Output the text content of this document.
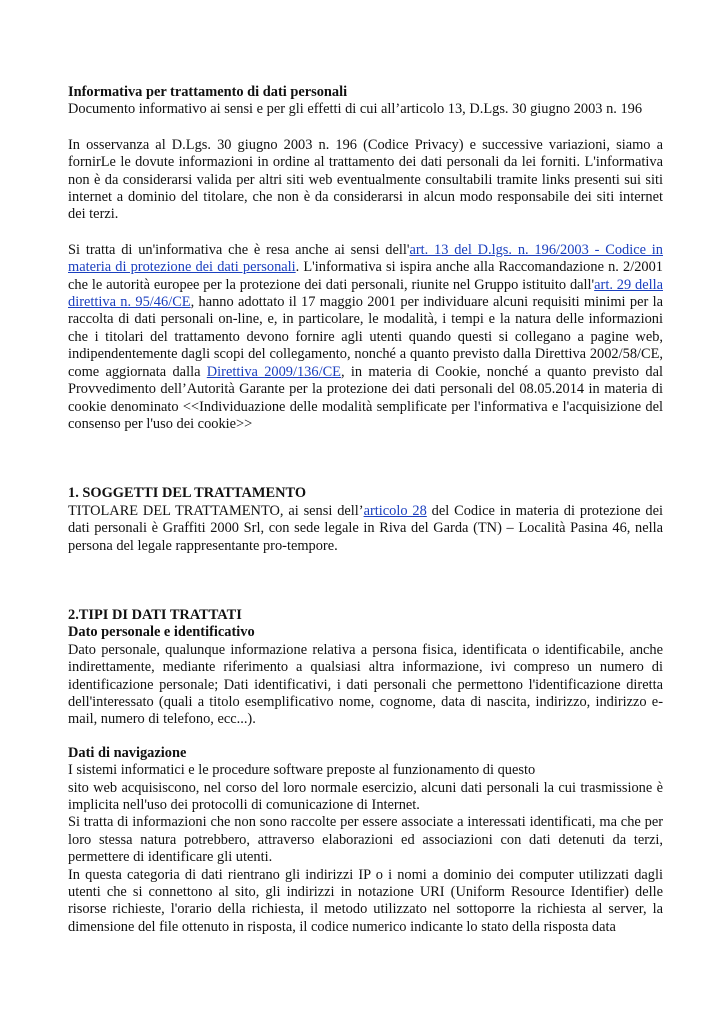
Informativa per trattamento di dati personali

Documento informativo ai sensi e per gli effetti di cui all’articolo 13, D.Lgs. 30 giugno 2003 n. 196

In osservanza al D.Lgs. 30 giugno 2003 n. 196 (Codice Privacy) e successive variazioni, siamo a fornirLe le dovute informazioni in ordine al trattamento dei dati personali da lei forniti. L'informativa non è da considerarsi valida per altri siti web eventualmente consultabili tramite links presenti sui siti internet a dominio del titolare, che non è da considerarsi in alcun modo responsabile dei siti internet dei terzi.

Si tratta di un'informativa che è resa anche ai sensi dell'art. 13 del D.lgs. n. 196/2003 - Codice in materia di protezione dei dati personali. L'informativa si ispira anche alla Raccomandazione n. 2/2001 che le autorità europee per la protezione dei dati personali, riunite nel Gruppo istituito dall'art. 29 della direttiva n. 95/46/CE, hanno adottato il 17 maggio 2001 per individuare alcuni requisiti minimi per la raccolta di dati personali on-line, e, in particolare, le modalità, i tempi e la natura delle informazioni che i titolari del trattamento devono fornire agli utenti quando questi si collegano a pagine web, indipendentemente dagli scopi del collegamento, nonché a quanto previsto dalla Direttiva 2002/58/CE, come aggiornata dalla Direttiva 2009/136/CE, in materia di Cookie, nonché a quanto previsto dal Provvedimento dell’Autorità Garante per la protezione dei dati personali del 08.05.2014 in materia di cookie denominato <<Individuazione delle modalità semplificate per l'informativa e l'acquisizione del consenso per l'uso dei cookie>>

1. SOGGETTI DEL TRATTAMENTO

TITOLARE DEL TRATTAMENTO, ai sensi dell’articolo 28 del Codice in materia di protezione dei dati personali è Graffiti 2000 Srl, con sede legale in Riva del Garda (TN) – Località Pasina 46, nella persona del legale rappresentante pro-tempore.

2.TIPI DI DATI TRATTATI

Dato personale e identificativo

Dato personale, qualunque informazione relativa a persona fisica, identificata o identificabile, anche indirettamente, mediante riferimento a qualsiasi altra informazione, ivi compreso un numero di identificazione personale; Dati identificativi, i dati personali che permettono l'identificazione diretta dell'interessato (quali a titolo esemplificativo nome, cognome, data di nascita, indirizzo, indirizzo e-mail, numero di telefono, ecc...).

Dati di navigazione

I sistemi informatici e le procedure software preposte al funzionamento di questo

sito web acquisiscono, nel corso del loro normale esercizio, alcuni dati personali la cui trasmissione è implicita nell'uso dei protocolli di comunicazione di Internet.

Si tratta di informazioni che non sono raccolte per essere associate a interessati identificati, ma che per loro stessa natura potrebbero, attraverso elaborazioni ed associazioni con dati detenuti da terzi, permettere di identificare gli utenti.

In questa categoria di dati rientrano gli indirizzi IP o i nomi a dominio dei computer utilizzati dagli utenti che si connettono al sito, gli indirizzi in notazione URI (Uniform Resource Identifier) delle risorse richieste, l'orario della richiesta, il metodo utilizzato nel sottoporre la richiesta al server, la dimensione del file ottenuto in risposta, il codice numerico indicante lo stato della risposta data
